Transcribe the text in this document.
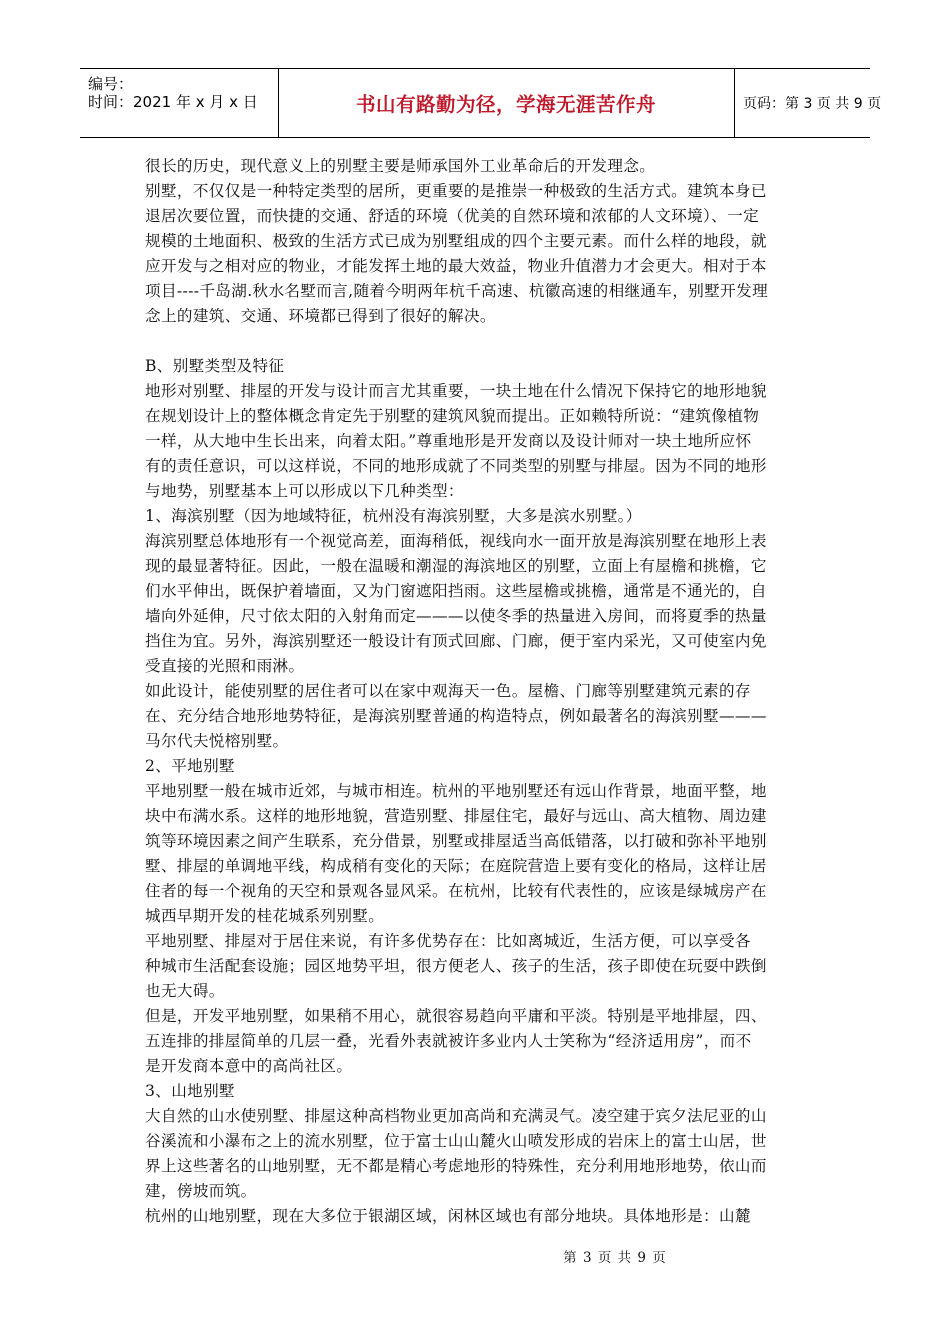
编号：
时间：2021 年 x 月 x 日	书山有路勤为径，学海无涯苦作舟	页码：第 3 页 共 9 页

很长的历史，现代意义上的别墅主要是师承国外工业革命后的开发理念。

别墅，不仅仅是一种特定类型的居所，更重要的是推崇一种极致的生活方式。建筑本身已

退居次要位置，而快捷的交通、舒适的环境（优美的自然环境和浓郁的人文环境）、一定

规模的土地面积、极致的生活方式已成为别墅组成的四个主要元素。而什么样的地段，就

应开发与之相对应的物业，才能发挥土地的最大效益，物业升值潜力才会更大。相对于本

项目----千岛湖.秋水名墅而言,随着今明两年杭千高速、杭徽高速的相继通车，别墅开发理

念上的建筑、交通、环境都已得到了很好的解决。

B、别墅类型及特征

地形对别墅、排屋的开发与设计而言尤其重要，一块土地在什么情况下保持它的地形地貌

在规划设计上的整体概念肯定先于别墅的建筑风貌而提出。正如赖特所说：“建筑像植物

一样，从大地中生长出来，向着太阳。”尊重地形是开发商以及设计师对一块土地所应怀

有的责任意识，可以这样说，不同的地形成就了不同类型的别墅与排屋。因为不同的地形

与地势，别墅基本上可以形成以下几种类型：

1、海滨别墅（因为地域特征，杭州没有海滨别墅，大多是滨水别墅。）

海滨别墅总体地形有一个视觉高差，面海稍低，视线向水一面开放是海滨别墅在地形上表

现的最显著特征。因此，一般在温暖和潮湿的海滨地区的别墅，立面上有屋檐和挑檐，它

们水平伸出，既保护着墙面，又为门窗遮阳挡雨。这些屋檐或挑檐，通常是不通光的，自

墙向外延伸，尺寸依太阳的入射角而定———以使冬季的热量进入房间，而将夏季的热量

挡住为宜。另外，海滨别墅还一般设计有顶式回廊、门廊，便于室内采光，又可使室内免

受直接的光照和雨淋。

如此设计，能使别墅的居住者可以在家中观海天一色。屋檐、门廊等别墅建筑元素的存

在、充分结合地形地势特征，是海滨别墅普通的构造特点，例如最著名的海滨别墅———

马尔代夫悦榕别墅。

2、平地别墅

平地别墅一般在城市近郊，与城市相连。杭州的平地别墅还有远山作背景，地面平整，地

块中布满水系。这样的地形地貌，营造别墅、排屋住宅，最好与远山、高大植物、周边建

筑等环境因素之间产生联系，充分借景，别墅或排屋适当高低错落，以打破和弥补平地别

墅、排屋的单调地平线，构成稍有变化的天际；在庭院营造上要有变化的格局，这样让居

住者的每一个视角的天空和景观各显风采。在杭州，比较有代表性的，应该是绿城房产在

城西早期开发的桂花城系列别墅。

平地别墅、排屋对于居住来说，有许多优势存在：比如离城近，生活方便，可以享受各

种城市生活配套设施；园区地势平坦，很方便老人、孩子的生活，孩子即使在玩耍中跌倒

也无大碍。

但是，开发平地别墅，如果稍不用心，就很容易趋向平庸和平淡。特别是平地排屋，四、

五连排的排屋简单的几层一叠，光看外表就被许多业内人士笑称为“经济适用房”，而不

是开发商本意中的高尚社区。

3、山地别墅

大自然的山水使别墅、排屋这种高档物业更加高尚和充满灵气。凌空建于宾夕法尼亚的山

谷溪流和小瀑布之上的流水别墅，位于富士山山麓火山喷发形成的岩床上的富士山居，世

界上这些著名的山地别墅，无不都是精心考虑地形的特殊性，充分利用地形地势，依山而

建，傍坡而筑。

杭州的山地别墅，现在大多位于银湖区域，闲林区域也有部分地块。具体地形是：山麓

第 3 页 共 9 页
